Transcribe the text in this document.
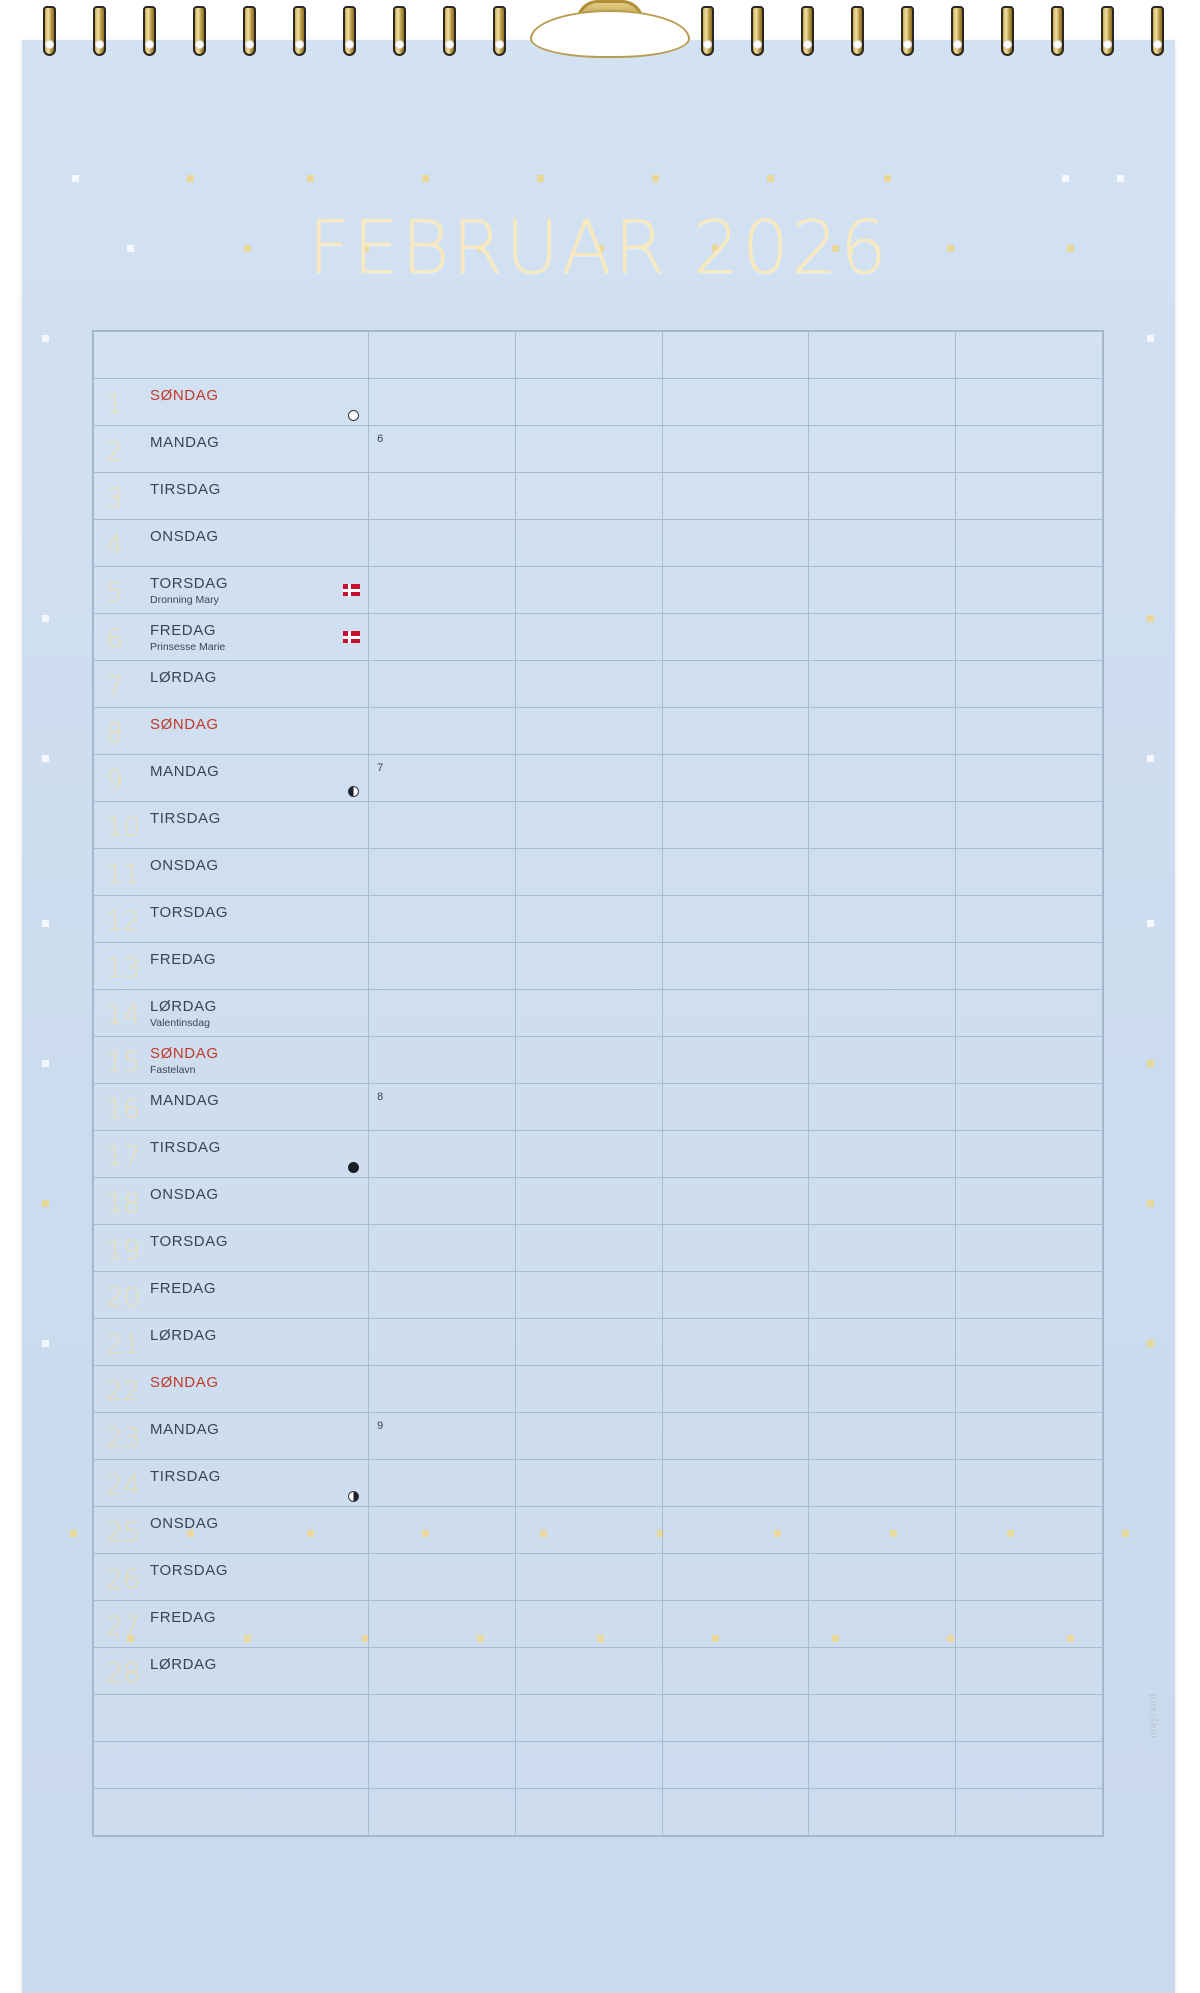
FEBRUAR 2026

1 SØNDAG					

2 MANDAG	6				

3 TIRSDAG					

4 ONSDAG					

5 TORSDAG
Dronning Mary					

6 FREDAG
Prinsesse Marie					

7 LØRDAG					

8 SØNDAG					

9 MANDAG	7				

10 TIRSDAG					

11 ONSDAG					

12 TORSDAG					

13 FREDAG					

14 LØRDAG
Valentinsdag					

15 SØNDAG
Fastelavn					

16 MANDAG	8				

17 TIRSDAG					

18 ONSDAG					

19 TORSDAG					

20 FREDAG					

21 LØRDAG					

22 SØNDAG					

23 MANDAG	9				

24 TIRSDAG					

25 ONSDAG					

26 TORSDAG					

27 FREDAG					

28 LØRDAG					

mayland
